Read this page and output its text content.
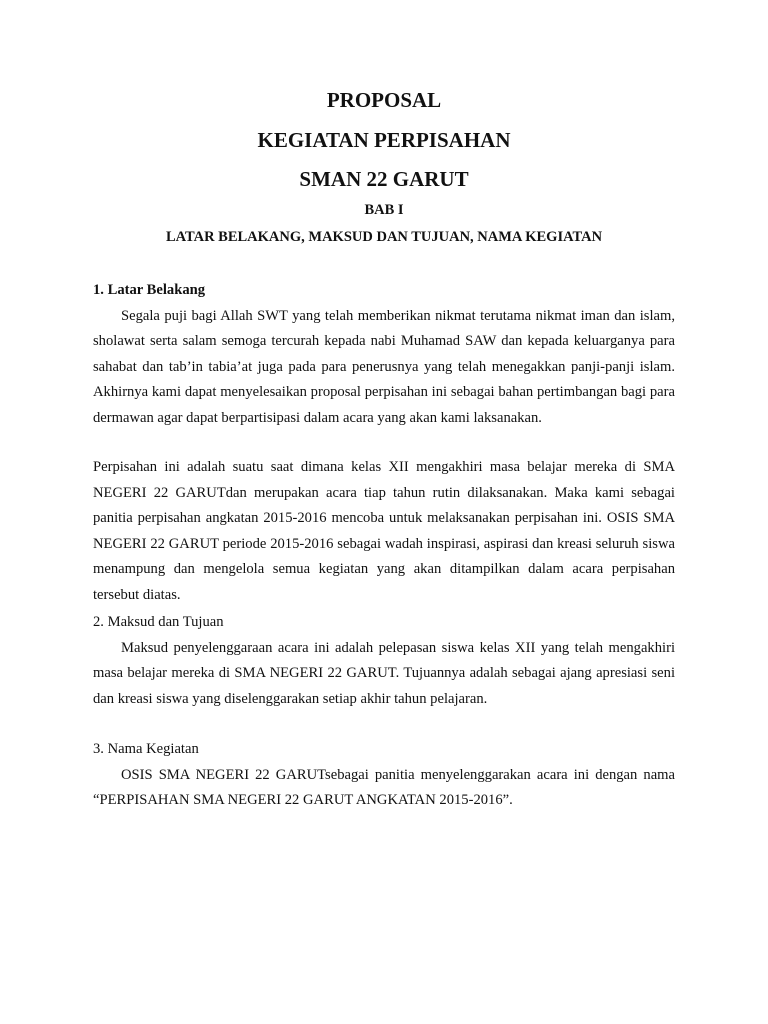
PROPOSAL
KEGIATAN PERPISAHAN
SMAN 22 GARUT
BAB I
LATAR BELAKANG, MAKSUD DAN TUJUAN, NAMA KEGIATAN
1. Latar Belakang

Segala puji bagi Allah SWT yang telah memberikan nikmat terutama nikmat iman dan islam, sholawat serta salam semoga tercurah kepada nabi Muhamad SAW dan kepada keluarganya para sahabat dan tab’in tabia’at juga pada para penerusnya yang telah menegakkan panji-panji islam. Akhirnya kami dapat menyelesaikan proposal perpisahan ini sebagai bahan pertimbangan bagi para dermawan agar dapat berpartisipasi dalam acara yang akan kami laksanakan.

Perpisahan ini adalah suatu saat dimana kelas XII mengakhiri masa belajar mereka di SMA NEGERI 22 GARUTdan merupakan acara tiap tahun rutin dilaksanakan. Maka kami sebagai panitia perpisahan angkatan 2015-2016 mencoba untuk melaksanakan perpisahan ini. OSIS SMA NEGERI 22 GARUT periode 2015-2016 sebagai wadah inspirasi, aspirasi dan kreasi seluruh siswa menampung dan mengelola semua kegiatan yang akan ditampilkan dalam acara perpisahan tersebut diatas.

2. Maksud dan Tujuan

Maksud penyelenggaraan acara ini adalah pelepasan siswa kelas XII yang telah mengakhiri masa belajar mereka di SMA NEGERI 22 GARUT. Tujuannya adalah sebagai ajang apresiasi seni dan kreasi siswa yang diselenggarakan setiap akhir tahun pelajaran.

3. Nama Kegiatan

OSIS SMA NEGERI 22 GARUTsebagai panitia menyelenggarakan acara ini dengan nama “PERPISAHAN SMA NEGERI 22 GARUT ANGKATAN 2015-2016”.
